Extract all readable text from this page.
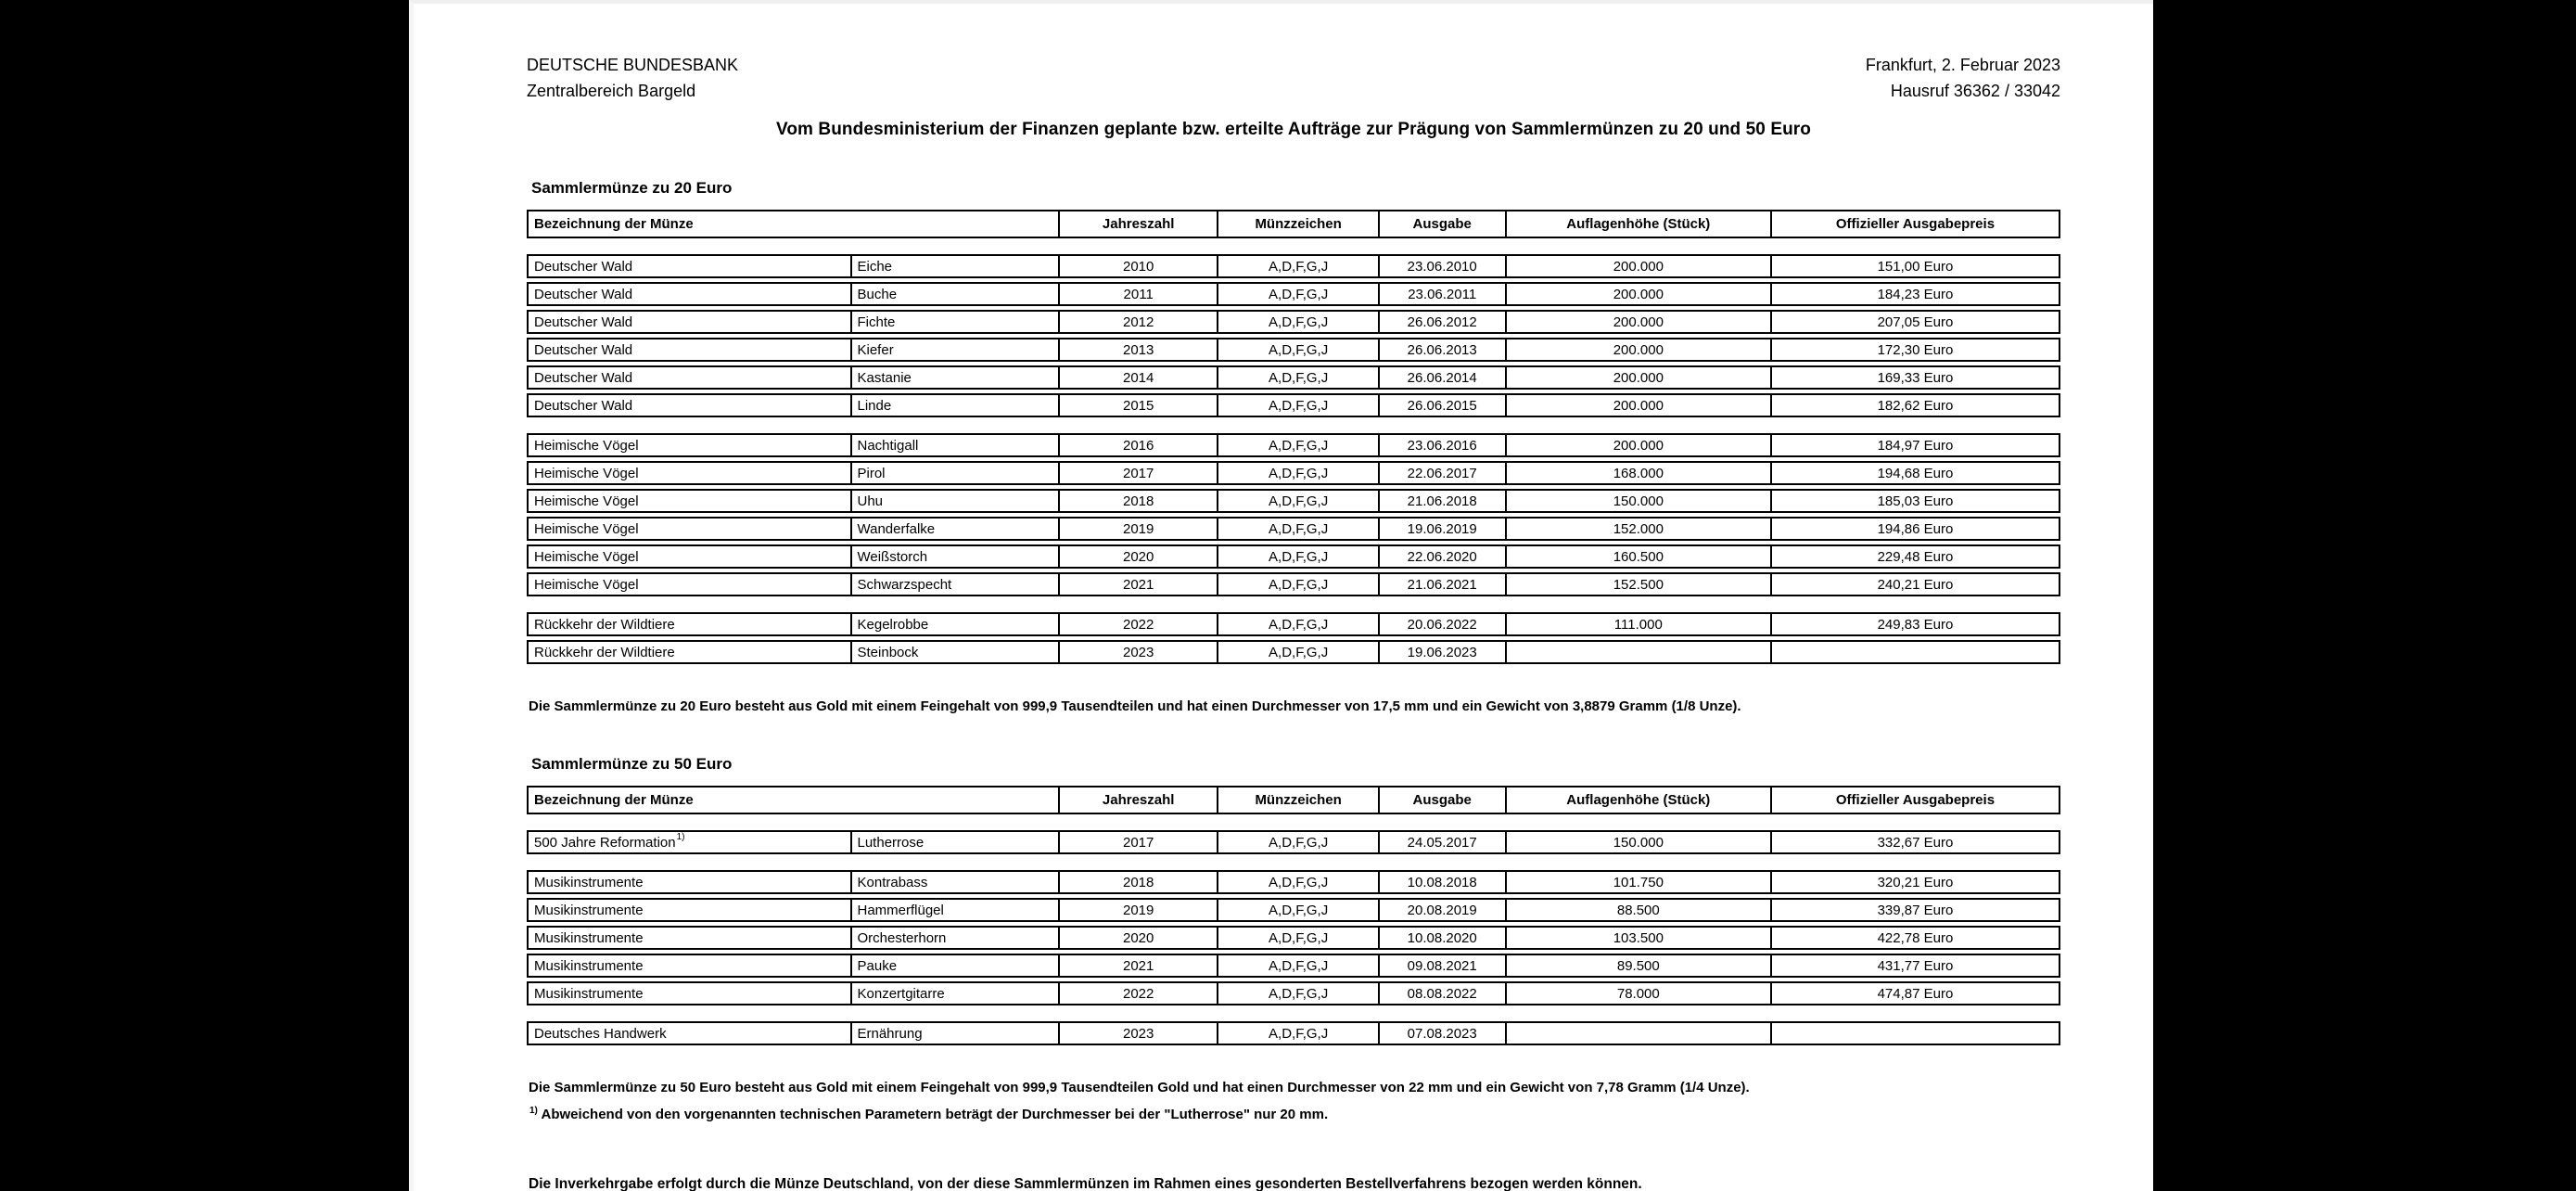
DEUTSCHE BUNDESBANK
Zentralbereich Bargeld
Frankfurt, 2. Februar 2023
Hausruf 36362 / 33042
Vom Bundesministerium der Finanzen geplante bzw. erteilte Aufträge zur Prägung von Sammlermünzen zu 20 und 50 Euro
Sammlermünze zu 20 Euro
Bezeichnung der Münze	Jahreszahl	Münzzeichen	Ausgabe	Auflagenhöhe (Stück)	Offizieller Ausgabepreis
Deutscher Wald	Eiche	2010	A,D,F,G,J	23.06.2010	200.000	151,00 Euro
Deutscher Wald	Buche	2011	A,D,F,G,J	23.06.2011	200.000	184,23 Euro
Deutscher Wald	Fichte	2012	A,D,F,G,J	26.06.2012	200.000	207,05 Euro
Deutscher Wald	Kiefer	2013	A,D,F,G,J	26.06.2013	200.000	172,30 Euro
Deutscher Wald	Kastanie	2014	A,D,F,G,J	26.06.2014	200.000	169,33 Euro
Deutscher Wald	Linde	2015	A,D,F,G,J	26.06.2015	200.000	182,62 Euro
Heimische Vögel	Nachtigall	2016	A,D,F,G,J	23.06.2016	200.000	184,97 Euro
Heimische Vögel	Pirol	2017	A,D,F,G,J	22.06.2017	168.000	194,68 Euro
Heimische Vögel	Uhu	2018	A,D,F,G,J	21.06.2018	150.000	185,03 Euro
Heimische Vögel	Wanderfalke	2019	A,D,F,G,J	19.06.2019	152.000	194,86 Euro
Heimische Vögel	Weißstorch	2020	A,D,F,G,J	22.06.2020	160.500	229,48 Euro
Heimische Vögel	Schwarzspecht	2021	A,D,F,G,J	21.06.2021	152.500	240,21 Euro
Rückkehr der Wildtiere	Kegelrobbe	2022	A,D,F,G,J	20.06.2022	111.000	249,83 Euro
Rückkehr der Wildtiere	Steinbock	2023	A,D,F,G,J	19.06.2023

Die Sammlermünze zu 20 Euro besteht aus Gold mit einem Feingehalt von 999,9 Tausendteilen und hat einen Durchmesser von 17,5 mm und ein Gewicht von 3,8879 Gramm (1/8 Unze).

Sammlermünze zu 50 Euro
Bezeichnung der Münze	Jahreszahl	Münzzeichen	Ausgabe	Auflagenhöhe (Stück)	Offizieller Ausgabepreis
500 Jahre Reformation 1)	Lutherrose	2017	A,D,F,G,J	24.05.2017	150.000	332,67 Euro
Musikinstrumente	Kontrabass	2018	A,D,F,G,J	10.08.2018	101.750	320,21 Euro
Musikinstrumente	Hammerflügel	2019	A,D,F,G,J	20.08.2019	88.500	339,87 Euro
Musikinstrumente	Orchesterhorn	2020	A,D,F,G,J	10.08.2020	103.500	422,78 Euro
Musikinstrumente	Pauke	2021	A,D,F,G,J	09.08.2021	89.500	431,77 Euro
Musikinstrumente	Konzertgitarre	2022	A,D,F,G,J	08.08.2022	78.000	474,87 Euro
Deutsches Handwerk	Ernährung	2023	A,D,F,G,J	07.08.2023

Die Sammlermünze zu 50 Euro besteht aus Gold mit einem Feingehalt von 999,9 Tausendteilen Gold und hat einen Durchmesser von 22 mm und ein Gewicht von 7,78 Gramm (1/4 Unze).

$^{1)}$ Abweichend von den vorgenannten technischen Parametern beträgt der Durchmesser bei der "Lutherrose" nur 20 mm.

Die Inverkehrgabe erfolgt durch die Münze Deutschland, von der diese Sammlermünzen im Rahmen eines gesonderten Bestellverfahrens bezogen werden können.
